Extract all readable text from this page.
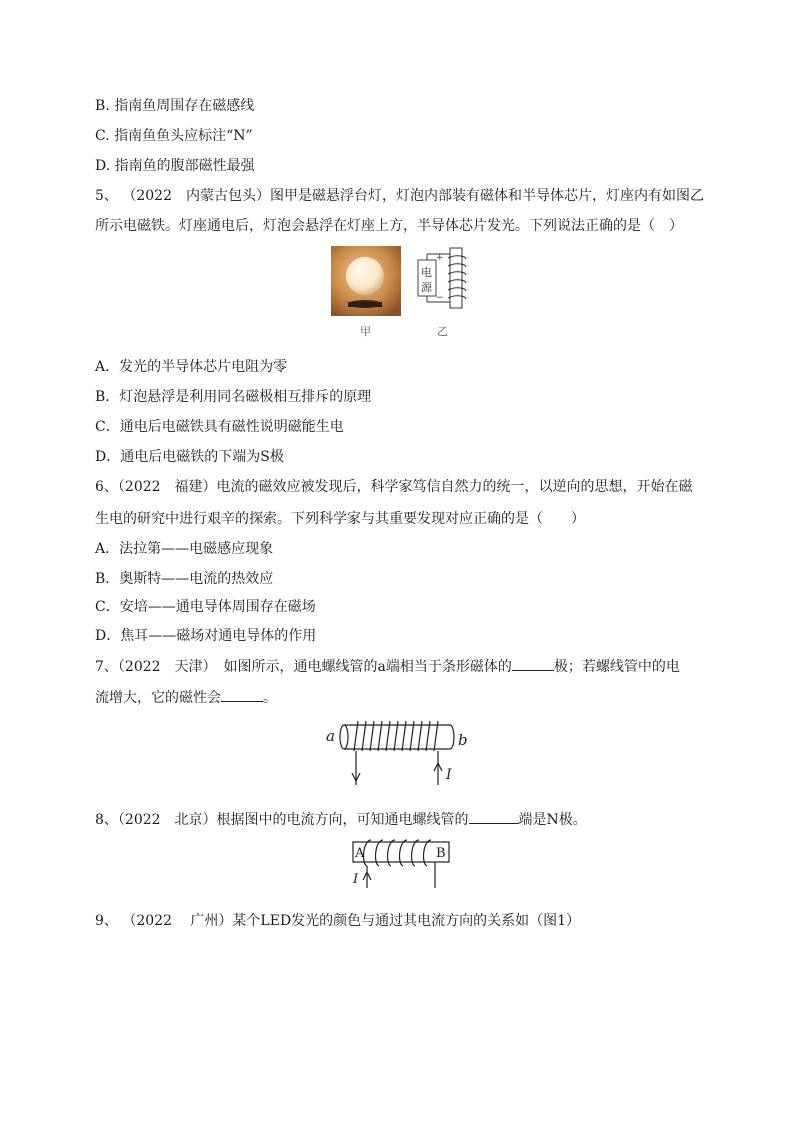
B. 指南鱼周围存在磁感线
C. 指南鱼鱼头应标注“N”
D. 指南鱼的腹部磁性最强
5、 （2022　内蒙古包头）图甲是磁悬浮台灯，灯泡内部装有磁体和半导体芯片，灯座内有如图乙
所示电磁铁。灯座通电后，灯泡会悬浮在灯座上方，半导体芯片发光。下列说法正确的是（　）
电
源
+
−
甲	乙
A．发光的半导体芯片电阻为零
B．灯泡悬浮是利用同名磁极相互排斥的原理
C．通电后电磁铁具有磁性说明磁能生电
D．通电后电磁铁的下端为S极
6、（2022　福建）电流的磁效应被发现后，科学家笃信自然力的统一，以逆向的思想，开始在磁
生电的研究中进行艰辛的探索。下列科学家与其重要发现对应正确的是（　　）
A．法拉第——电磁感应现象
B．奥斯特——电流的热效应
C．安培——通电导体周围存在磁场
D．焦耳——磁场对通电导体的作用
7、（2022　天津）　如图所示，通电螺线管的a端相当于条形磁体的	极；若螺线管中的电
流增大，它的磁性会	。
a	b
I
8、（2022　北京）根据图中的电流方向，可知通电螺线管的	端是N极。
A	B
I
9、 （2022　 广州）某个LED发光的颜色与通过其电流方向的关系如（图1）
